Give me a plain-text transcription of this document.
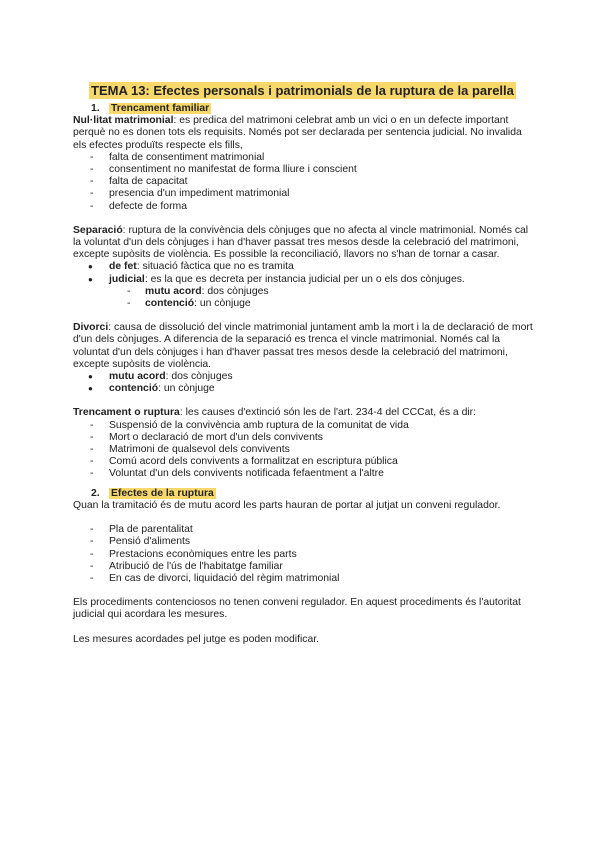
TEMA 13: Efectes personals i patrimonials de la ruptura de la parella
1. Trencament familiar

Nul·litat matrimonial: es predica del matrimoni celebrat amb un vici o en un defecte important perquè no es donen tots els requisits. Només pot ser declarada per sentencia judicial. No invalida els efectes produïts respecte els fills,

- falta de consentiment matrimonial
- consentiment no manifestat de forma lliure i conscient
- falta de capacitat
- presencia d'un impediment matrimonial
- defecte de forma

Separació: ruptura de la convivència dels cònjuges que no afecta al vincle matrimonial. Només cal la voluntat d'un dels cònjuges i han d'haver passat tres mesos desde la celebració del matrimoni, excepte supòsits de violència. Es possible la reconciliació, llavors no s'han de tornar a casar.

● de fet: situació fàctica que no es tramita
● judicial: es la que es decreta per instancia judicial per un o els dos cònjuges.
- mutu acord: dos cònjuges
- contenció: un cònjuge

Divorci: causa de dissolució del vincle matrimonial juntament amb la mort i la de declaració de mort d'un dels cònjuges. A diferencia de la separació es trenca el vincle matrimonial. Només cal la voluntat d'un dels cònjuges i han d'haver passat tres mesos desde la celebració del matrimoni, excepte supòsits de violència.

● mutu acord: dos cònjuges
● contenció: un cònjuge

Trencament o ruptura: les causes d'extinció són les de l'art. 234-4 del CCCat, és a dir:

- Suspensió de la convivència amb ruptura de la comunitat de vida
- Mort o declaració de mort d'un dels convivents
- Matrimoni de qualsevol dels convivents
- Comú acord dels convivents a formalitzat en escriptura pública
- Voluntat d'un dels convivents notificada fefaentment a l'altre
2. Efectes de la ruptura

Quan la tramitació és de mutu acord les parts hauran de portar al jutjat un conveni regulador.

- Pla de parentalitat
- Pensió d'aliments
- Prestacions econòmiques entre les parts
- Atribució de l'ús de l'habitatge familiar
- En cas de divorci, liquidació del règim matrimonial

Els procediments contenciosos no tenen conveni regulador. En aquest procediments és l'autoritat judicial qui acordara les mesures.

Les mesures acordades pel jutge es poden modificar.
